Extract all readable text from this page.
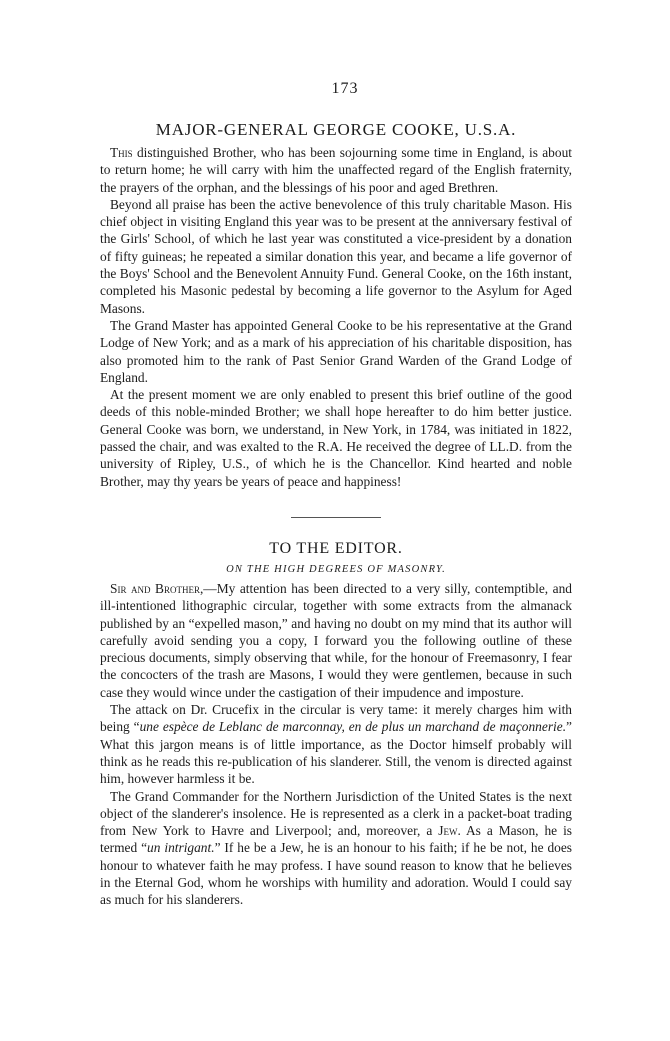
173
MAJOR-GENERAL GEORGE COOKE, U.S.A.

This distinguished Brother, who has been sojourning some time in England, is about to return home; he will carry with him the unaffected regard of the English fraternity, the prayers of the orphan, and the blessings of his poor and aged Brethren.

Beyond all praise has been the active benevolence of this truly charitable Mason. His chief object in visiting England this year was to be present at the anniversary festival of the Girls' School, of which he last year was constituted a vice-president by a donation of fifty guineas; he repeated a similar donation this year, and became a life governor of the Boys' School and the Benevolent Annuity Fund. General Cooke, on the 16th instant, completed his Masonic pedestal by becoming a life governor to the Asylum for Aged Masons.

The Grand Master has appointed General Cooke to be his representative at the Grand Lodge of New York; and as a mark of his appreciation of his charitable disposition, has also promoted him to the rank of Past Senior Grand Warden of the Grand Lodge of England.

At the present moment we are only enabled to present this brief outline of the good deeds of this noble-minded Brother; we shall hope hereafter to do him better justice. General Cooke was born, we understand, in New York, in 1784, was initiated in 1822, passed the chair, and was exalted to the R.A. He received the degree of LL.D. from the university of Ripley, U.S., of which he is the Chancellor. Kind hearted and noble Brother, may thy years be years of peace and happiness!

TO THE EDITOR.
ON THE HIGH DEGREES OF MASONRY.

Sir and Brother,—My attention has been directed to a very silly, contemptible, and ill-intentioned lithographic circular, together with some extracts from the almanack published by an “expelled mason,” and having no doubt on my mind that its author will carefully avoid sending you a copy, I forward you the following outline of these precious documents, simply observing that while, for the honour of Freemasonry, I fear the concocters of the trash are Masons, I would they were gentlemen, because in such case they would wince under the castigation of their impudence and imposture.

The attack on Dr. Crucefix in the circular is very tame: it merely charges him with being “une espèce de Leblanc de marconnay, en de plus un marchand de maçonnerie.” What this jargon means is of little importance, as the Doctor himself probably will think as he reads this re-publication of his slanderer. Still, the venom is directed against him, however harmless it be.

The Grand Commander for the Northern Jurisdiction of the United States is the next object of the slanderer's insolence. He is represented as a clerk in a packet-boat trading from New York to Havre and Liverpool; and, moreover, a Jew. As a Mason, he is termed “un intrigant.” If he be a Jew, he is an honour to his faith; if he be not, he does honour to whatever faith he may profess. I have sound reason to know that he believes in the Eternal God, whom he worships with humility and adoration. Would I could say as much for his slanderers.
